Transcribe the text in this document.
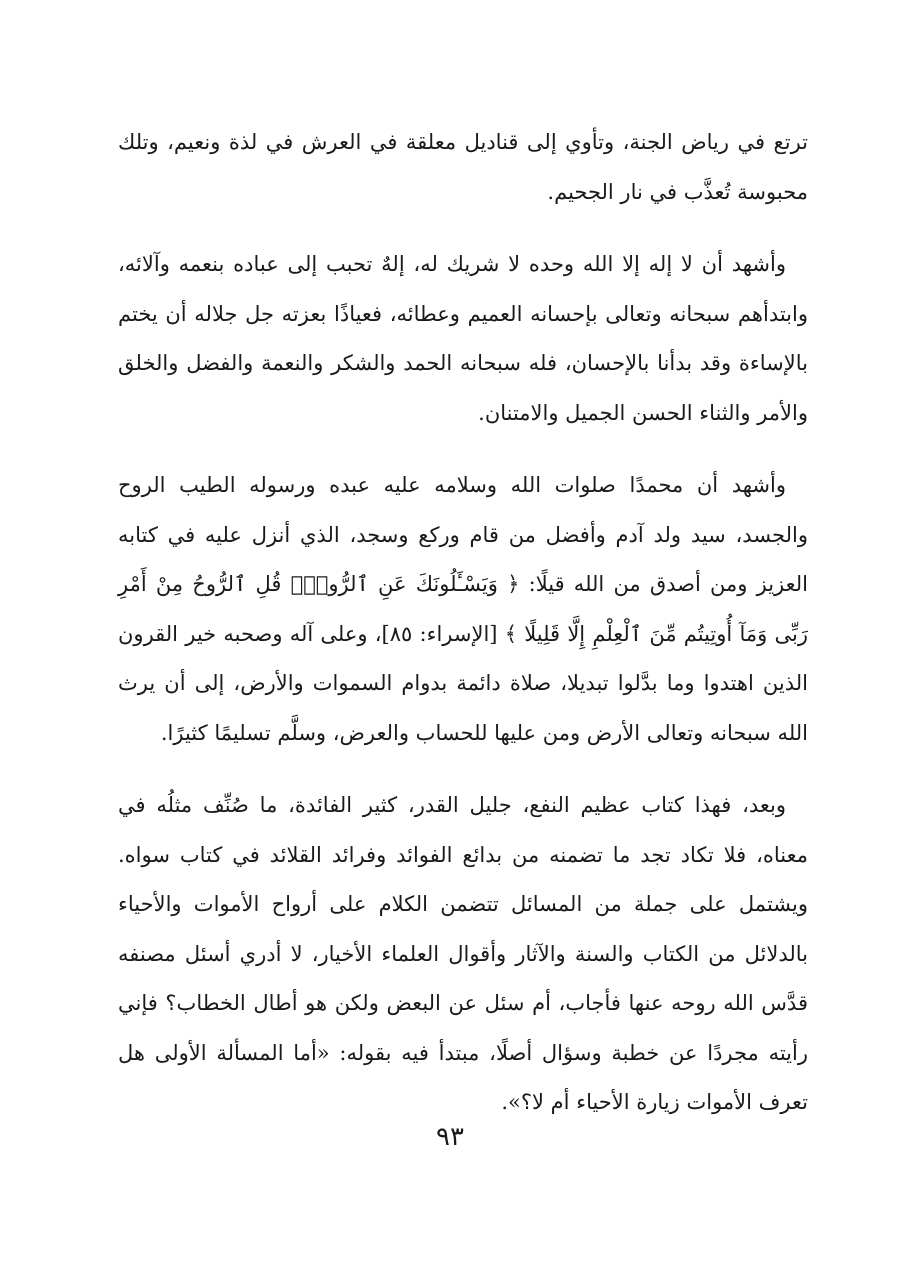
ترتع في رياض الجنة، وتأوي إلى قناديل معلقة في العرش في لذة ونعيم، وتلك محبوسة تُعذَّب في نار الجحيم.

وأشهد أن لا إله إلا الله وحده لا شريك له، إلهٌ تحبب إلى عباده بنعمه وآلائه، وابتدأهم سبحانه وتعالى بإحسانه العميم وعطائه، فعياذًا بعزته جل جلاله أن يختم بالإساءة وقد بدأنا بالإحسان، فله سبحانه الحمد والشكر والنعمة والفضل والخلق والأمر والثناء الحسن الجميل والامتنان.

وأشهد أن محمدًا صلوات الله وسلامه عليه عبده ورسوله الطيب الروح والجسد، سيد ولد آدم وأفضل من قام وركع وسجد، الذي أنزل عليه في كتابه العزيز ومن أصدق من الله قيلًا: ﴿ وَيَسْـَٔلُونَكَ عَنِ ٱلرُّوحِۖ قُلِ ٱلرُّوحُ مِنْ أَمْرِ رَبِّى وَمَآ أُوتِيتُم مِّنَ ٱلْعِلْمِ إِلَّا قَلِيلًا ﴾ [الإسراء: ٨٥]، وعلى آله وصحبه خير القرون الذين اهتدوا وما بدَّلوا تبديلا، صلاة دائمة بدوام السموات والأرض، إلى أن يرث الله سبحانه وتعالى الأرض ومن عليها للحساب والعرض، وسلَّم تسليمًا كثيرًا.

وبعد، فهذا كتاب عظيم النفع، جليل القدر، كثير الفائدة، ما صُنِّف مثلُه في معناه، فلا تكاد تجد ما تضمنه من بدائع الفوائد وفرائد القلائد في كتاب سواه. ويشتمل على جملة من المسائل تتضمن الكلام على أرواح الأموات والأحياء بالدلائل من الكتاب والسنة والآثار وأقوال العلماء الأخيار، لا أدري أسئل مصنفه قدَّس الله روحه عنها فأجاب، أم سئل عن البعض ولكن هو أطال الخطاب؟ فإني رأيته مجردًا عن خطبة وسؤال أصلًا، مبتدأ فيه بقوله: «أما المسألة الأولى هل تعرف الأموات زيارة الأحياء أم لا؟».

٩٣
